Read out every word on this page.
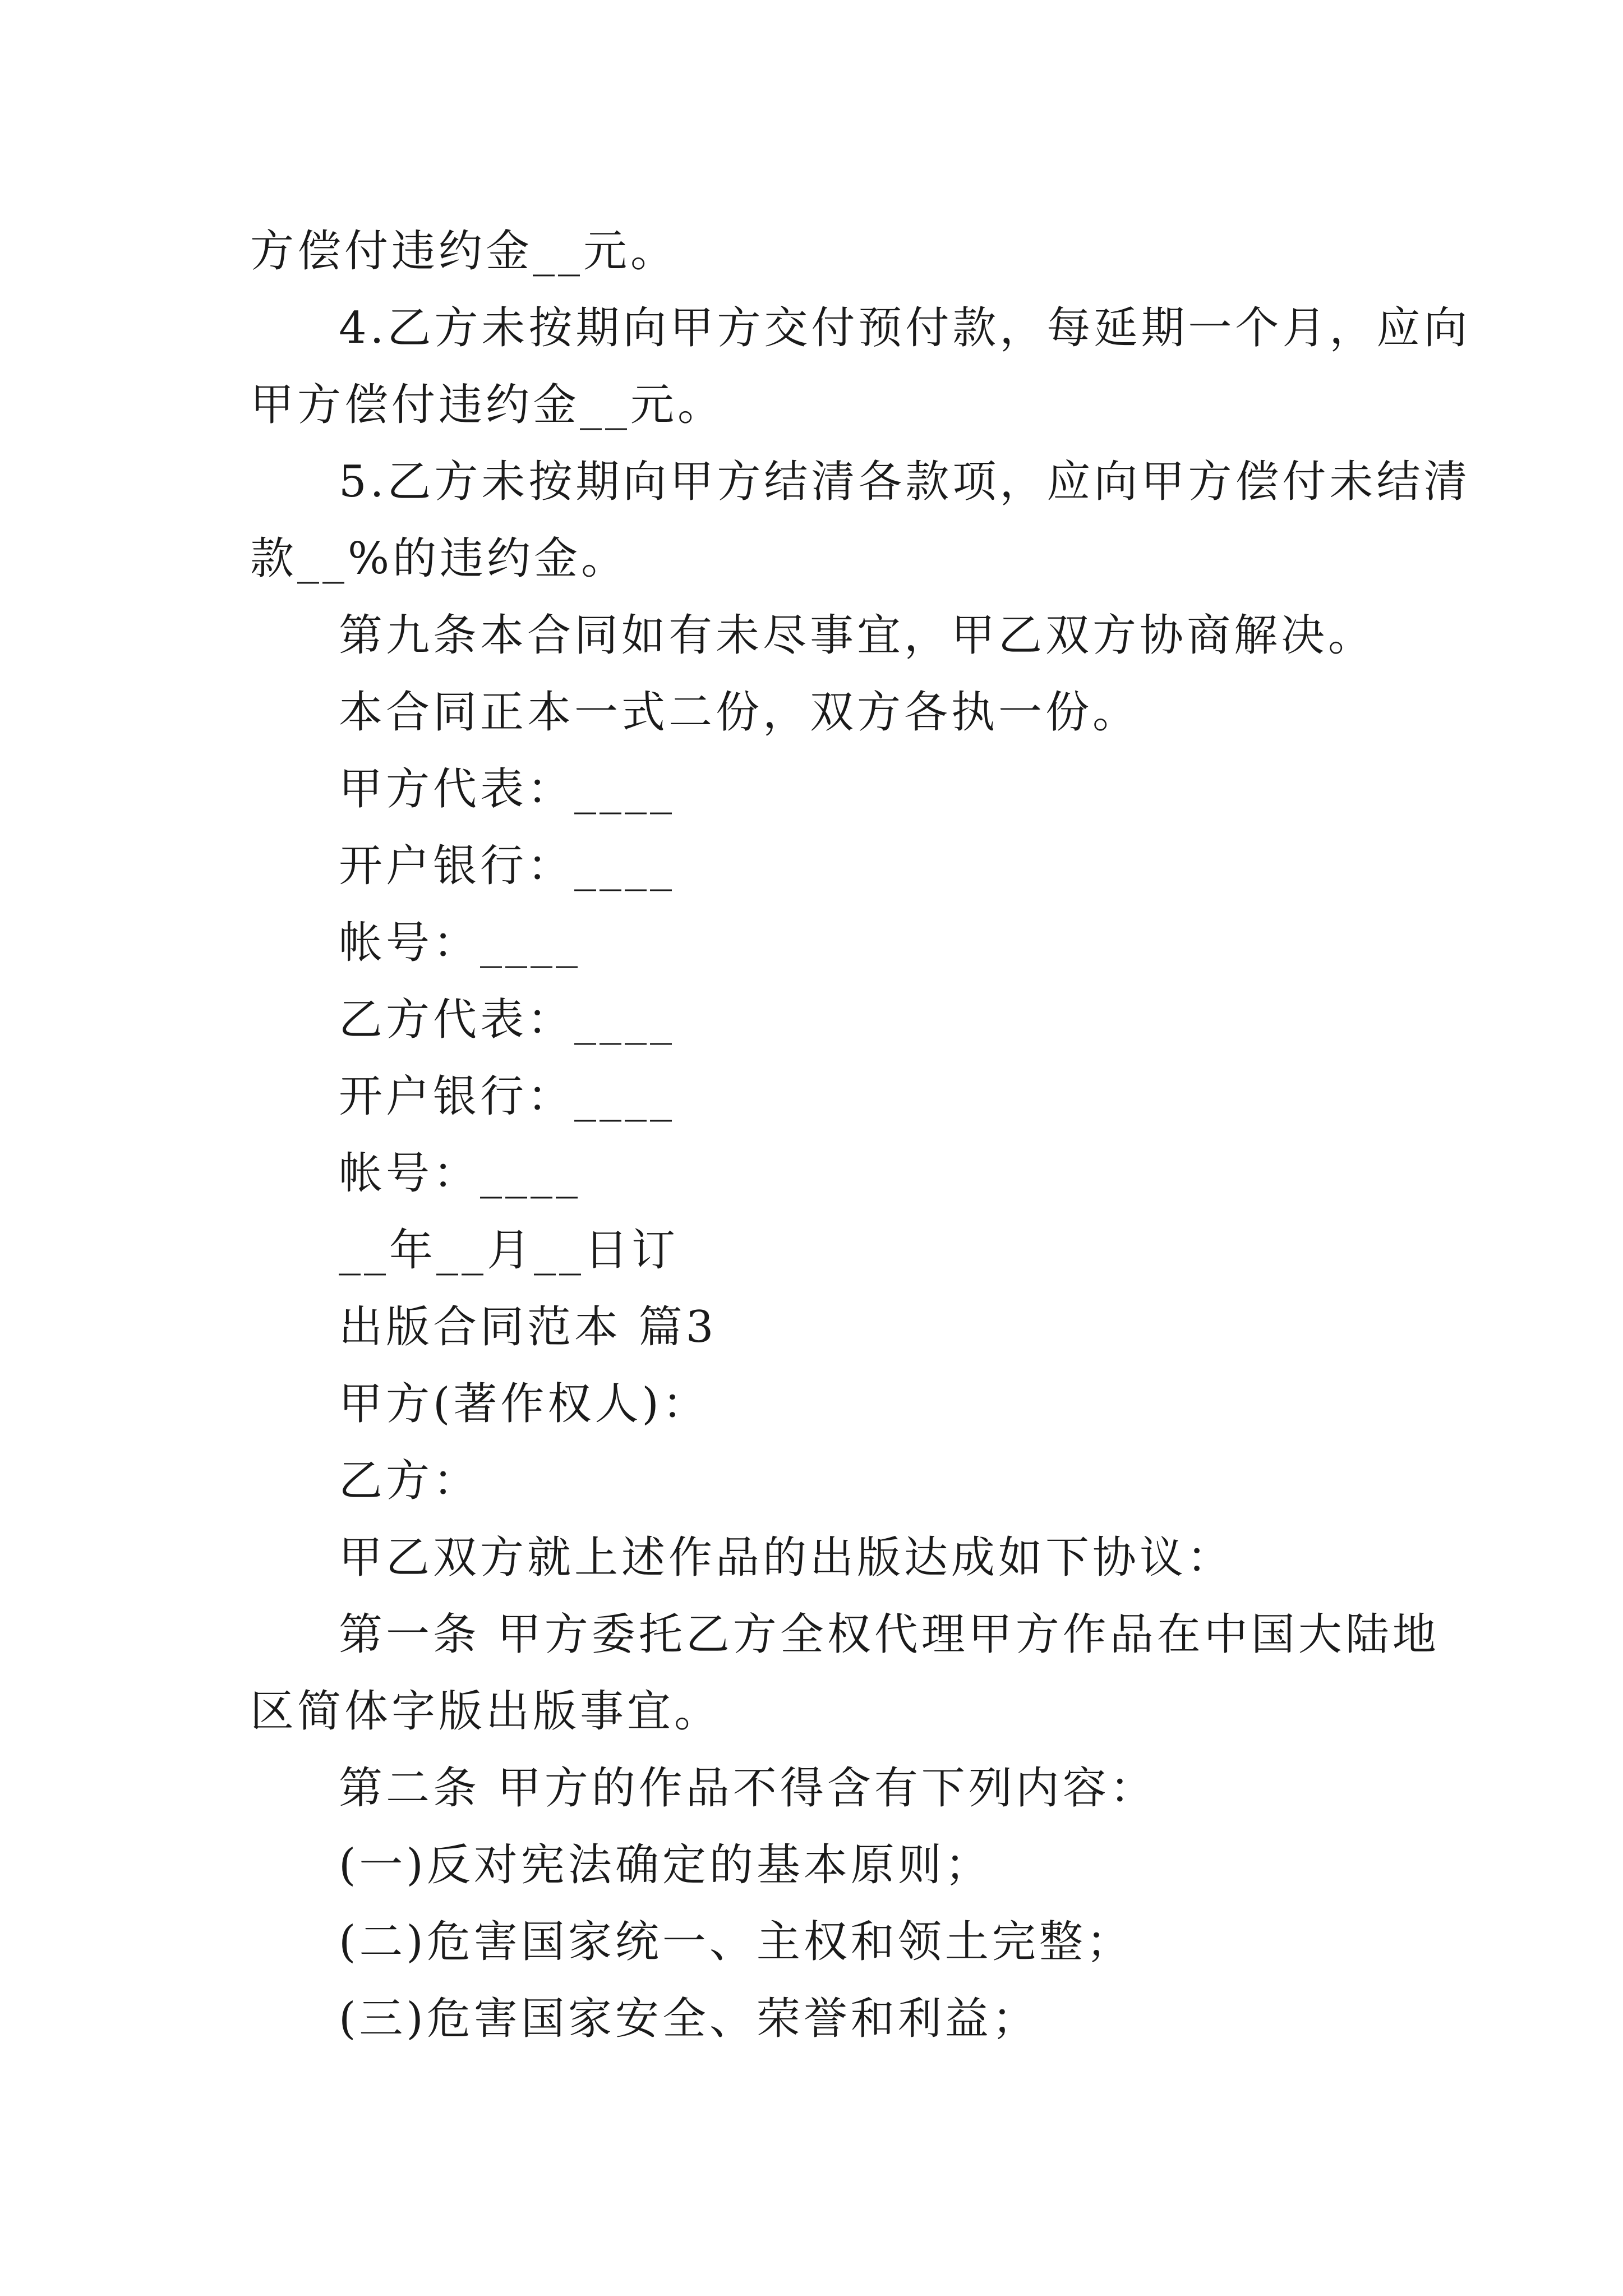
方偿付违约金__元。
4.乙方未按期向甲方交付预付款，每延期一个月，应向
甲方偿付违约金__元。
5.乙方未按期向甲方结清各款项，应向甲方偿付未结清
款__%的违约金。
第九条本合同如有未尽事宜，甲乙双方协商解决。
本合同正本一式二份，双方各执一份。
甲方代表：____
开户银行：____
帐号：____
乙方代表：____
开户银行：____
帐号：____
__年__月__日订
出版合同范本 篇3
甲方(著作权人)：
乙方：
甲乙双方就上述作品的出版达成如下协议：
第一条 甲方委托乙方全权代理甲方作品在中国大陆地
区简体字版出版事宜。
第二条 甲方的作品不得含有下列内容：
(一)反对宪法确定的基本原则；
(二)危害国家统一、主权和领土完整；
(三)危害国家安全、荣誉和利益；
